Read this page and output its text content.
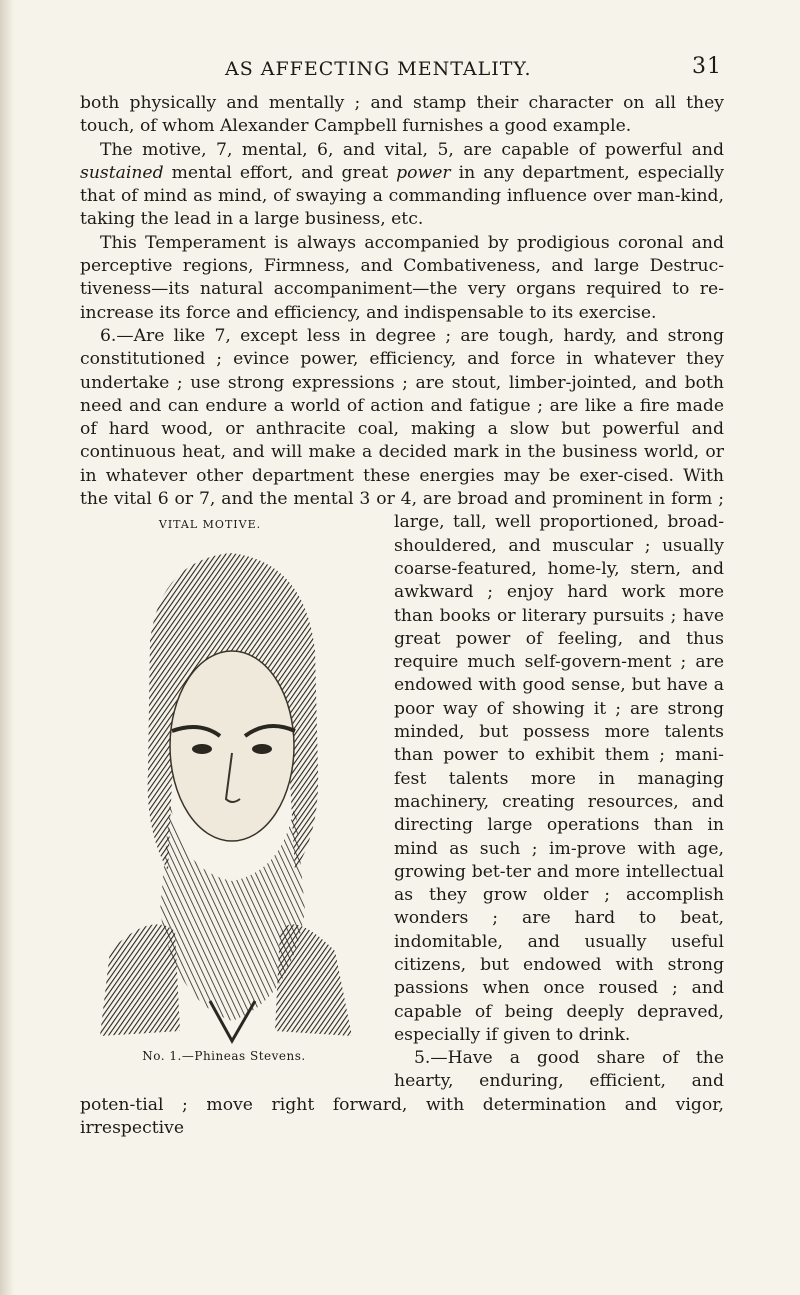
AS AFFECTING MENTALITY.	31

both physically and mentally ; and stamp their character on all they touch, of whom Alexander Campbell furnishes a good example.

The motive, 7, mental, 6, and vital, 5, are capable of powerful and sustained mental effort, and great power in any department, especially that of mind as mind, of swaying a commanding influence over man-kind, taking the lead in a large business, etc.

This Temperament is always accompanied by prodigious coronal and perceptive regions, Firmness, and Combativeness, and large Destruc-tiveness—its natural accompaniment—the very organs required to re-increase its force and efficiency, and indispensable to its exercise.

6.—Are like 7, except less in degree ; are tough, hardy, and strong constitutioned ; evince power, efficiency, and force in whatever they undertake ; use strong expressions ; are stout, limber-jointed, and both need and can endure a world of action and fatigue ; are like a fire made of hard wood, or anthracite coal, making a slow but powerful and continuous heat, and will make a decided mark in the business world, or in whatever other department these energies may be exer-cised. With the vital 6 or 7, and the mental 3 or 4, are broad and
VITAL MOTIVE.
No. 1.—Phineas Stevens.
prominent in form ; large, tall, well proportioned, broad-shouldered, and muscular ; usually coarse-featured, home-ly, stern, and awkward ; enjoy hard work more than books or literary pursuits ; have great power of feeling, and thus require much self-govern-ment ; are endowed with good sense, but have a poor way of showing it ; are strong minded, but possess more talents than power to exhibit them ; mani-fest talents more in managing machinery, creating resources, and directing large operations than in mind as such ; im-prove with age, growing bet-ter and more intellectual as they grow older ; accomplish wonders ; are hard to beat, indomitable, and usually useful citizens, but endowed with strong passions when once roused ; and capable of being deeply depraved, especially if given to drink.

5.—Have a good share of the hearty, enduring, efficient, and poten-tial ; move right forward, with determination and vigor, irrespective
